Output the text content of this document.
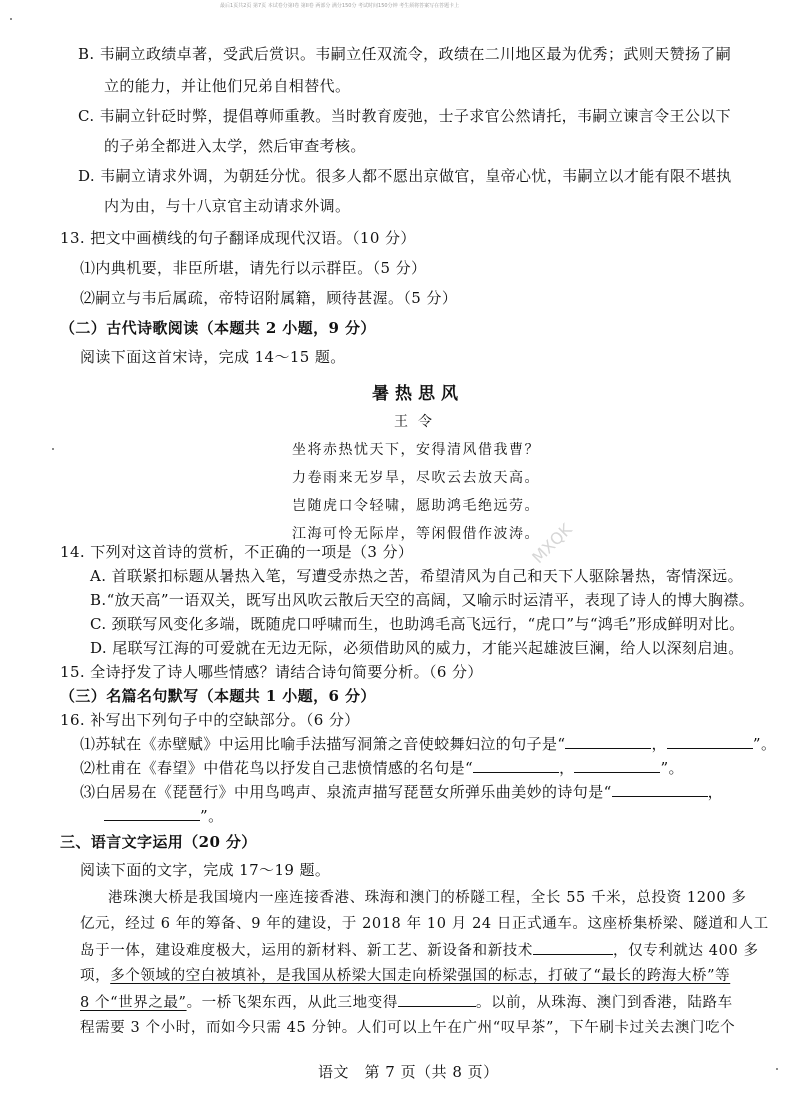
最后1页共2页 第7页 本试卷分第I卷 第II卷 两部分 满分150分 考试时间150分钟 考生须将答案写在答题卡上
MXQK
B. 韦嗣立政绩卓著，受武后赏识。韦嗣立任双流令，政绩在二川地区最为优秀；武则天赞扬了嗣
立的能力，并让他们兄弟自相替代。
C. 韦嗣立针砭时弊，提倡尊师重教。当时教育废弛，士子求官公然请托，韦嗣立谏言令王公以下
的子弟全都进入太学，然后审查考核。
D. 韦嗣立请求外调，为朝廷分忧。很多人都不愿出京做官，皇帝心忧，韦嗣立以才能有限不堪执
内为由，与十八京官主动请求外调。
13. 把文中画横线的句子翻译成现代汉语。（10 分）
⑴内典机要，非臣所堪，请先行以示群臣。（5 分）
⑵嗣立与韦后属疏，帝特诏附属籍，顾待甚渥。（5 分）
（二）古代诗歌阅读（本题共 2 小题，9 分）
阅读下面这首宋诗，完成 14～15 题。
暑热思风
王令
坐将赤热忧天下，安得清风借我曹？
力卷雨来无岁旱，尽吹云去放天高。
岂随虎口令轻啸，愿助鸿毛绝远劳。
江海可怜无际岸，等闲假借作波涛。
14. 下列对这首诗的赏析，不正确的一项是（3 分）
A. 首联紧扣标题从暑热入笔，写遭受赤热之苦，希望清风为自己和天下人驱除暑热，寄情深远。
B.“放天高”一语双关，既写出风吹云散后天空的高阔，又喻示时运清平，表现了诗人的博大胸襟。
C. 颈联写风变化多端，既随虎口呼啸而生，也助鸿毛高飞远行，“虎口”与“鸿毛”形成鲜明对比。
D. 尾联写江海的可爱就在无边无际，必须借助风的威力，才能兴起雄波巨澜，给人以深刻启迪。
15. 全诗抒发了诗人哪些情感？请结合诗句简要分析。（6 分）
（三）名篇名句默写（本题共 1 小题，6 分）
16. 补写出下列句子中的空缺部分。（6 分）
⑴苏轼在《赤壁赋》中运用比喻手法描写洞箫之音使蛟舞妇泣的句子是“	，	”。
⑵杜甫在《春望》中借花鸟以抒发自己悲愤情感的名句是“	，	”。
⑶白居易在《琵琶行》中用鸟鸣声、泉流声描写琵琶女所弹乐曲美妙的诗句是“	，
”。
三、语言文字运用（20 分）
阅读下面的文字，完成 17～19 题。
港珠澳大桥是我国境内一座连接香港、珠海和澳门的桥隧工程，全长 55 千米，总投资 1200 多
亿元，经过 6 年的筹备、9 年的建设，于 2018 年 10 月 24 日正式通车。这座桥集桥梁、隧道和人工
岛于一体，建设难度极大，运用的新材料、新工艺、新设备和新技术	，仅专利就达 400 多
项，多个领域的空白被填补，是我国从桥梁大国走向桥梁强国的标志，打破了“最长的跨海大桥”等
8 个“世界之最”。一桥飞架东西，从此三地变得	。以前，从珠海、澳门到香港，陆路车
程需要 3 个小时，而如今只需 45 分钟。人们可以上午在广州“叹早茶”，下午刷卡过关去澳门吃个
语文　第 7 页（共 8 页）
